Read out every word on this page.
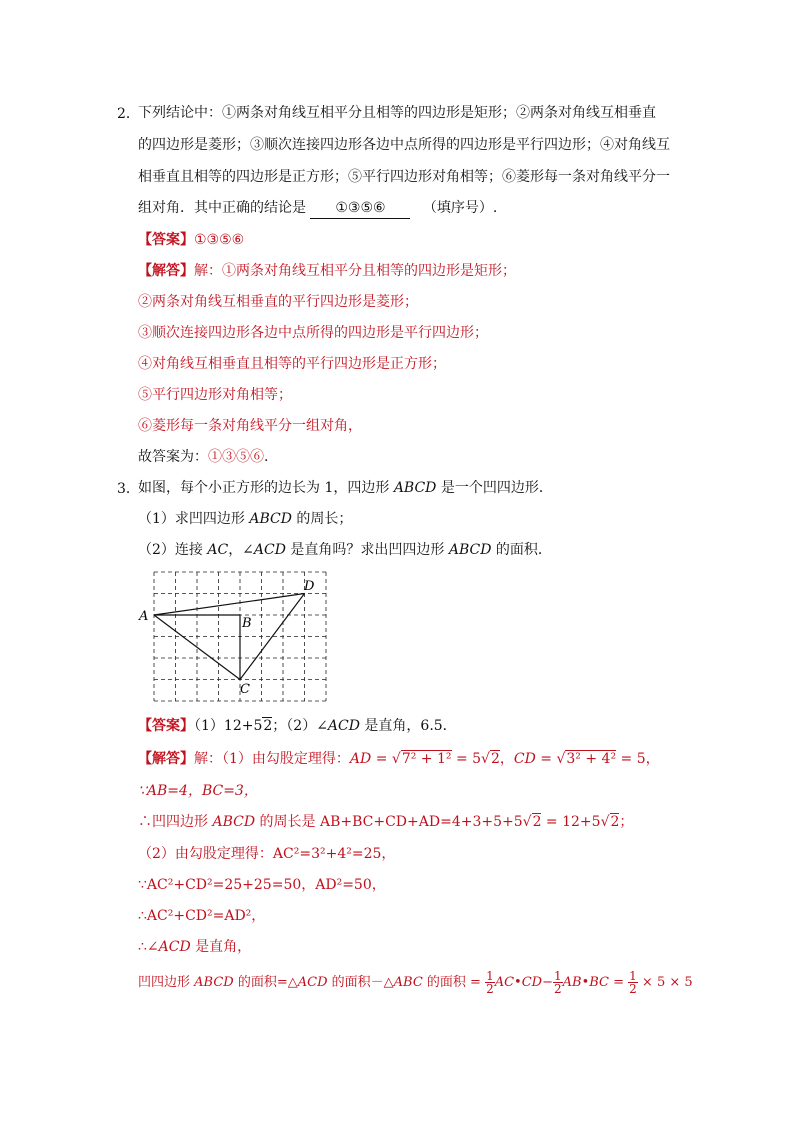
2．
下列结论中：①两条对角线互相平分且相等的四边形是矩形；②两条对角线互相垂直
的四边形是菱形；③顺次连接四边形各边中点所得的四边形是平行四边形；④对角线互
相垂直且相等的四边形是正方形；⑤平行四边形对角相等；⑥菱形每一条对角线平分一
组对角．其中正确的结论是 ①③⑤⑥	（填序号）.
【答案】①③⑤⑥
【解答】解：①两条对角线互相平分且相等的四边形是矩形；
②两条对角线互相垂直的平行四边形是菱形；
③顺次连接四边形各边中点所得的四边形是平行四边形；
④对角线互相垂直且相等的平行四边形是正方形；
⑤平行四边形对角相等；
⑥菱形每一条对角线平分一组对角，
故答案为：①③⑤⑥.
3．
如图，每个小正方形的边长为 1，四边形 ABCD 是一个凹四边形．
（1）求凹四边形 ABCD 的周长；
（2）连接 AC，∠ACD 是直角吗？求出凹四边形 ABCD 的面积．
A	B
C
D
【答案】（1）12+52；（2）∠ACD 是直角，6.5．
【解答】解：（1）由勾股定理得：AD = √7² + 1² = 5√2，CD = √3² + 4² = 5，
∵AB=4，BC=3，
∴凹四边形 ABCD 的周长是 AB+BC+CD+AD=4+3+5+5√2 = 12+5√2；
（2）由勾股定理得：AC²=3²+4²=25，
∵AC²+CD²=25+25=50，AD²=50，
∴AC²+CD²=AD²，
∴∠ACD 是直角，
凹四边形 ABCD 的面积=△ACD 的面积－△ABC 的面积 = $\frac{1}{2}$ AC•CD− $\frac{1}{2}$ AB•BC = $\frac{1}{2} \times 5 \times 5$
